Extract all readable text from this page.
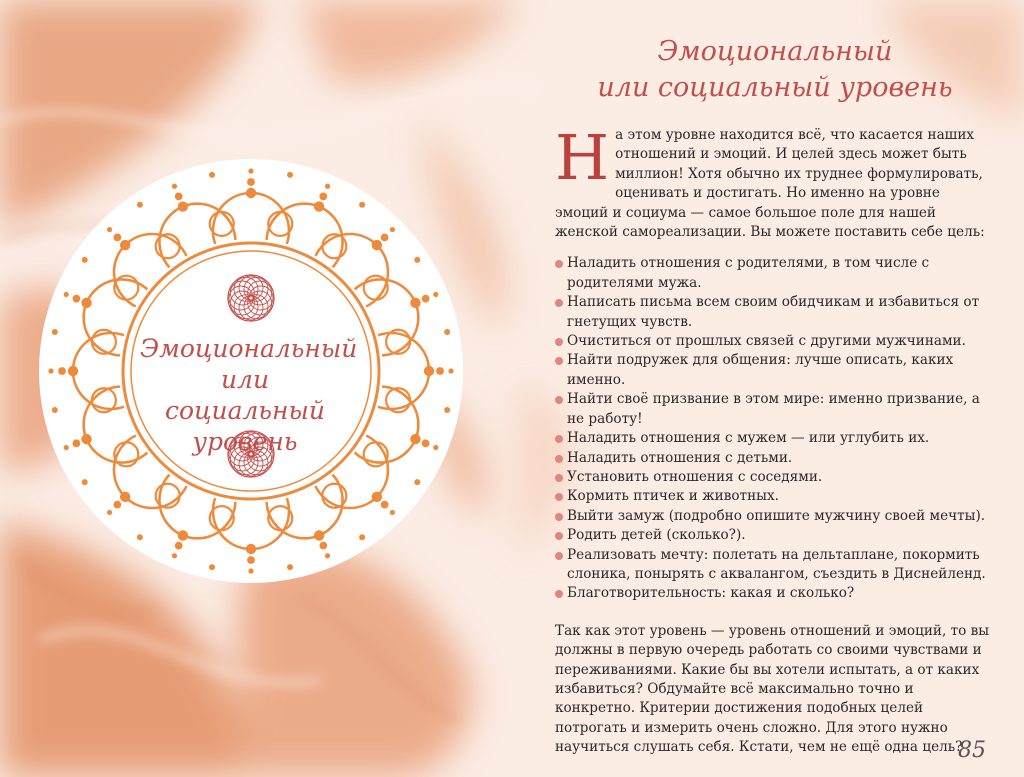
Эмоциональный
или социальный
уровень
Эмоциональный
или социальный уровень

На этом уровне находится всё, что касается наших отношений и эмоций. И целей здесь может быть миллион! Хотя обычно их труднее формулировать, оценивать и достигать. Но именно на уровне эмоций и социума — самое большое поле для нашей женской самореализации. Вы можете поставить себе цель:

Наладить отношения с родителями, в том числе с родителями мужа.
Написать письма всем своим обидчикам и избавиться от гнетущих чувств.
Очиститься от прошлых связей с другими мужчинами.
Найти подружек для общения: лучше описать, каких именно.
Найти своё призвание в этом мире: именно призвание, а не работу!
Наладить отношения с мужем — или углубить их.
Наладить отношения с детьми.
Установить отношения с соседями.
Кормить птичек и животных.
Выйти замуж (подробно опишите мужчину своей мечты).
Родить детей (сколько?).
Реализовать мечту: полетать на дельтаплане, покормить слоника, понырять с аквалангом, съездить в Диснейленд.
Благотворительность: какая и сколько?

Так как этот уровень — уровень отношений и эмоций, то вы должны в первую очередь работать со своими чувствами и переживаниями. Какие бы вы хотели испытать, а от каких избавиться? Обдумайте всё максимально точно и конкретно. Критерии достижения подобных целей потрогать и измерить очень сложно. Для этого нужно научиться слушать себя. Кстати, чем не ещё одна цель?

85
